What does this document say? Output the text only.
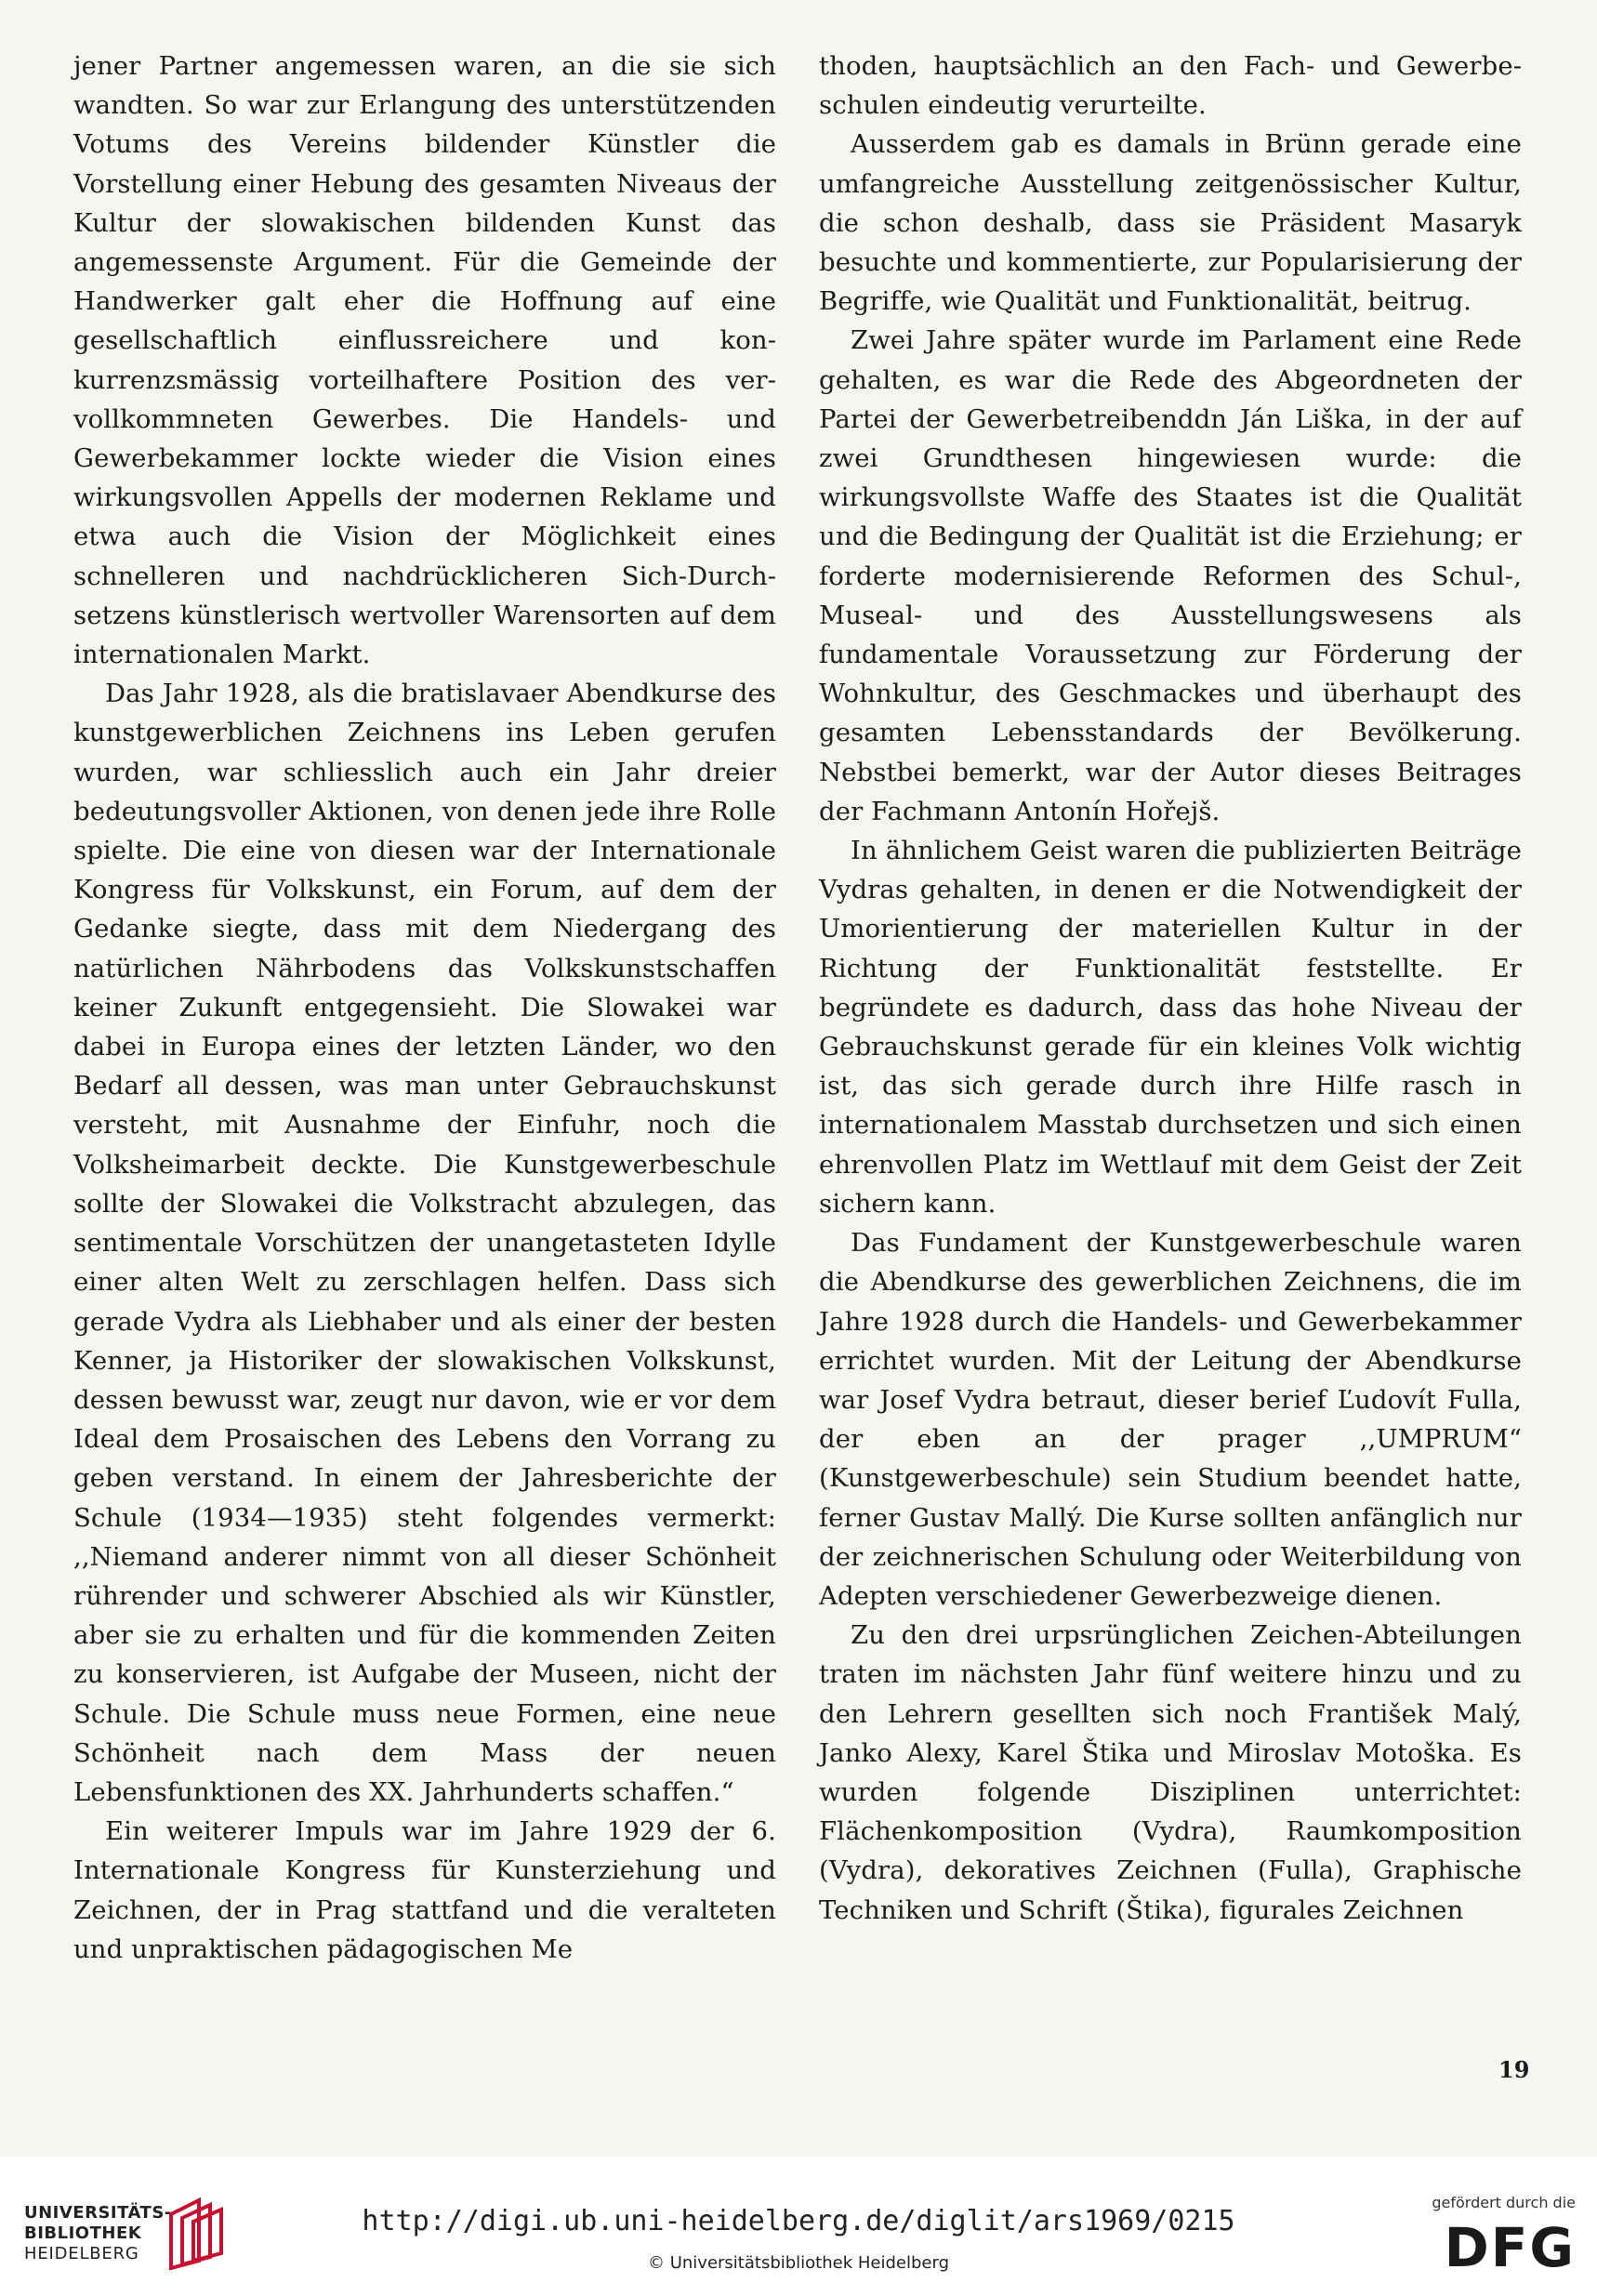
jener Partner angemessen waren, an die sie sich wandten. So war zur Erlangung des unterstützenden Votums des Vereins bildender Künstler die Vorstellung einer Hebung des gesamten Niveaus der Kultur der slowakischen bildenden Kunst das angemessenste Argument. Für die Gemeinde der Handwerker galt eher die Hoffnung auf eine gesellschaftlich einflussreichere und konkurrenzsmässig vorteilhaftere Position des vervollkommneten Gewerbes. Die Handels- und Gewerbekammer lockte wieder die Vision eines wirkungsvollen Appells der modernen Reklame und etwa auch die Vision der Möglichkeit eines schnelleren und nachdrücklicheren Sich-Durchsetzens künstlerisch wertvoller Warensorten auf dem internationalen Markt.

Das Jahr 1928, als die bratislavaer Abendkurse des kunstgewerblichen Zeichnens ins Leben gerufen wurden, war schliesslich auch ein Jahr dreier bedeutungsvoller Aktionen, von denen jede ihre Rolle spielte. Die eine von diesen war der Internationale Kongress für Volkskunst, ein Forum, auf dem der Gedanke siegte, dass mit dem Niedergang des natürlichen Nährbodens das Volkskunstschaffen keiner Zukunft entgegensieht. Die Slowakei war dabei in Europa eines der letzten Länder, wo den Bedarf all dessen, was man unter Gebrauchskunst versteht, mit Ausnahme der Einfuhr, noch die Volksheimarbeit deckte. Die Kunstgewerbeschule sollte der Slowakei die Volkstracht abzulegen, das sentimentale Vorschützen der unangetasteten Idylle einer alten Welt zu zerschlagen helfen. Dass sich gerade Vydra als Liebhaber und als einer der besten Kenner, ja Historiker der slowakischen Volkskunst, dessen bewusst war, zeugt nur davon, wie er vor dem Ideal dem Prosaischen des Lebens den Vorrang zu geben verstand. In einem der Jahresberichte der Schule (1934—1935) steht folgendes vermerkt: ,,Niemand anderer nimmt von all dieser Schönheit rührender und schwerer Abschied als wir Künstler, aber sie zu erhalten und für die kommenden Zeiten zu konservieren, ist Aufgabe der Museen, nicht der Schule. Die Schule muss neue Formen, eine neue Schönheit nach dem Mass der neuen Lebensfunktionen des XX. Jahrhunderts schaffen.“

Ein weiterer Impuls war im Jahre 1929 der 6. Internationale Kongress für Kunsterziehung und Zeichnen, der in Prag stattfand und die veralteten und unpraktischen pädagogischen Me

thoden, hauptsächlich an den Fach- und Gewerbeschulen eindeutig verurteilte.

Ausserdem gab es damals in Brünn gerade eine umfangreiche Ausstellung zeitgenössischer Kultur, die schon deshalb, dass sie Präsident Masaryk besuchte und kommentierte, zur Popularisierung der Begriffe, wie Qualität und Funktionalität, beitrug.

Zwei Jahre später wurde im Parlament eine Rede gehalten, es war die Rede des Abgeordneten der Partei der Gewerbetreibenddn Ján Liška, in der auf zwei Grundthesen hingewiesen wurde: die wirkungsvollste Waffe des Staates ist die Qualität und die Bedingung der Qualität ist die Erziehung; er forderte modernisierende Reformen des Schul-, Museal- und des Ausstellungswesens als fundamentale Voraussetzung zur Förderung der Wohnkultur, des Geschmackes und überhaupt des gesamten Lebensstandards der Bevölkerung. Nebstbei bemerkt, war der Autor dieses Beitrages der Fachmann Antonín Hořejš.

In ähnlichem Geist waren die publizierten Beiträge Vydras gehalten, in denen er die Notwendigkeit der Umorientierung der materiellen Kultur in der Richtung der Funktionalität feststellte. Er begründete es dadurch, dass das hohe Niveau der Gebrauchskunst gerade für ein kleines Volk wichtig ist, das sich gerade durch ihre Hilfe rasch in internationalem Masstab durchsetzen und sich einen ehrenvollen Platz im Wettlauf mit dem Geist der Zeit sichern kann.

Das Fundament der Kunstgewerbeschule waren die Abendkurse des gewerblichen Zeichnens, die im Jahre 1928 durch die Handels- und Gewerbekammer errichtet wurden. Mit der Leitung der Abendkurse war Josef Vydra betraut, dieser berief Ľudovít Fulla, der eben an der prager ,,UMPRUM“ (Kunstgewerbeschule) sein Studium beendet hatte, ferner Gustav Mallý. Die Kurse sollten anfänglich nur der zeichnerischen Schulung oder Weiterbildung von Adepten verschiedener Gewerbezweige dienen.

Zu den drei urpsrünglichen Zeichen-Abteilungen traten im nächsten Jahr fünf weitere hinzu und zu den Lehrern gesellten sich noch František Malý, Janko Alexy, Karel Štika und Miroslav Motoška. Es wurden folgende Disziplinen unterrichtet: Flächenkomposition (Vydra), Raumkomposition (Vydra), dekoratives Zeichnen (Fulla), Graphische Techniken und Schrift (Štika), figurales Zeichnen

19
UNIVERSITÄTS-
BIBLIOTHEK
HEIDELBERG
http://digi.ub.uni-heidelberg.de/diglit/ars1969/0215
© Universitätsbibliothek Heidelberg
gefördert durch die
DFG
